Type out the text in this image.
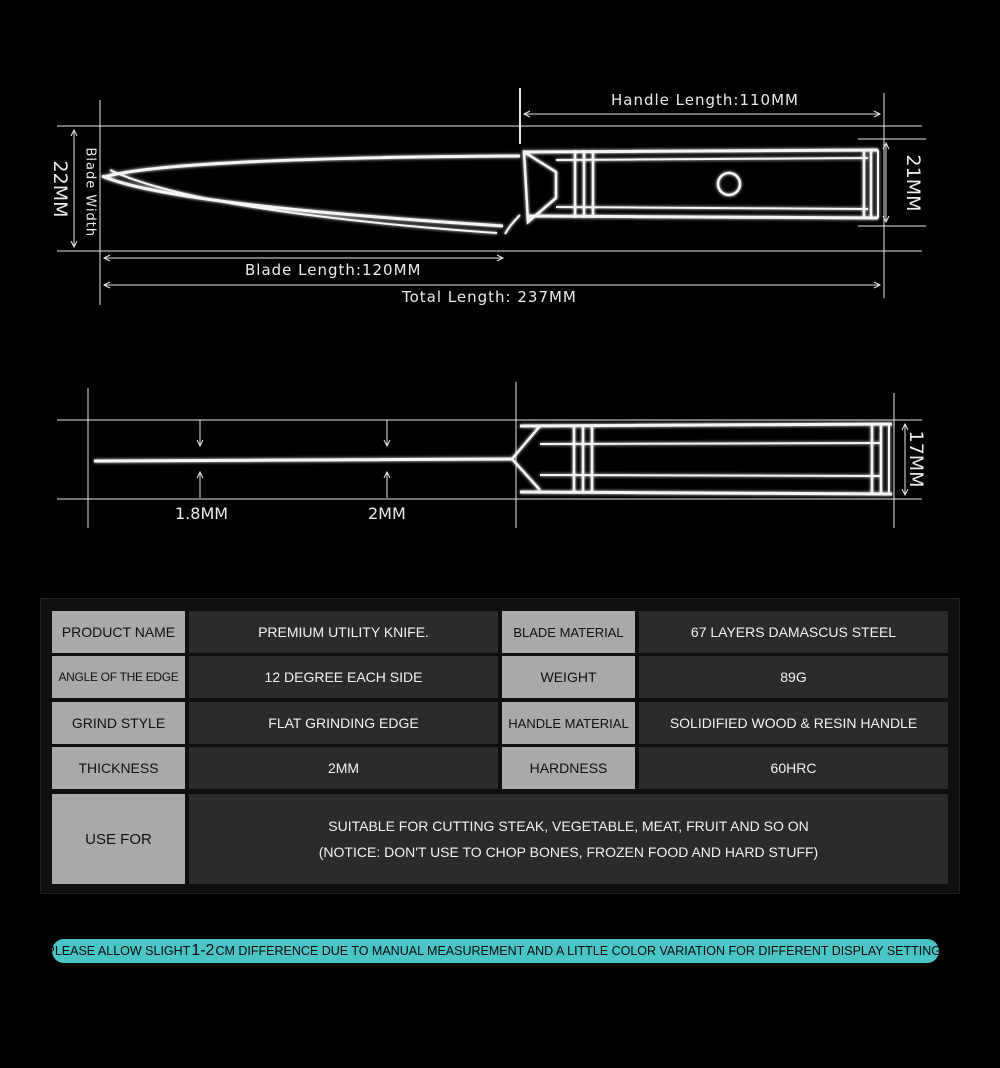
Handle Length:110MM
Blade Width
22MM	21MM
Blade Length:120MM
Total Length: 237MM
1.8MM	2MM
17MM
PRODUCT NAME	PREMIUM UTILITY KNIFE.	BLADE MATERIAL	67 LAYERS DAMASCUS STEEL
ANGLE OF THE EDGE	12 DEGREE EACH SIDE	WEIGHT	89G
GRIND STYLE	FLAT GRINDING EDGE	HANDLE MATERIAL	SOLIDIFIED WOOD & RESIN HANDLE
THICKNESS	2MM	HARDNESS	60HRC
USE FOR
SUITABLE FOR CUTTING STEAK, VEGETABLE, MEAT, FRUIT AND SO ON
(NOTICE: DON'T USE TO CHOP BONES, FROZEN FOOD AND HARD STUFF)
PLEASE ALLOW SLIGHT 1-2 CM DIFFERENCE DUE TO MANUAL MEASUREMENT AND A LITTLE COLOR VARIATION FOR DIFFERENT DISPLAY SETTING.
